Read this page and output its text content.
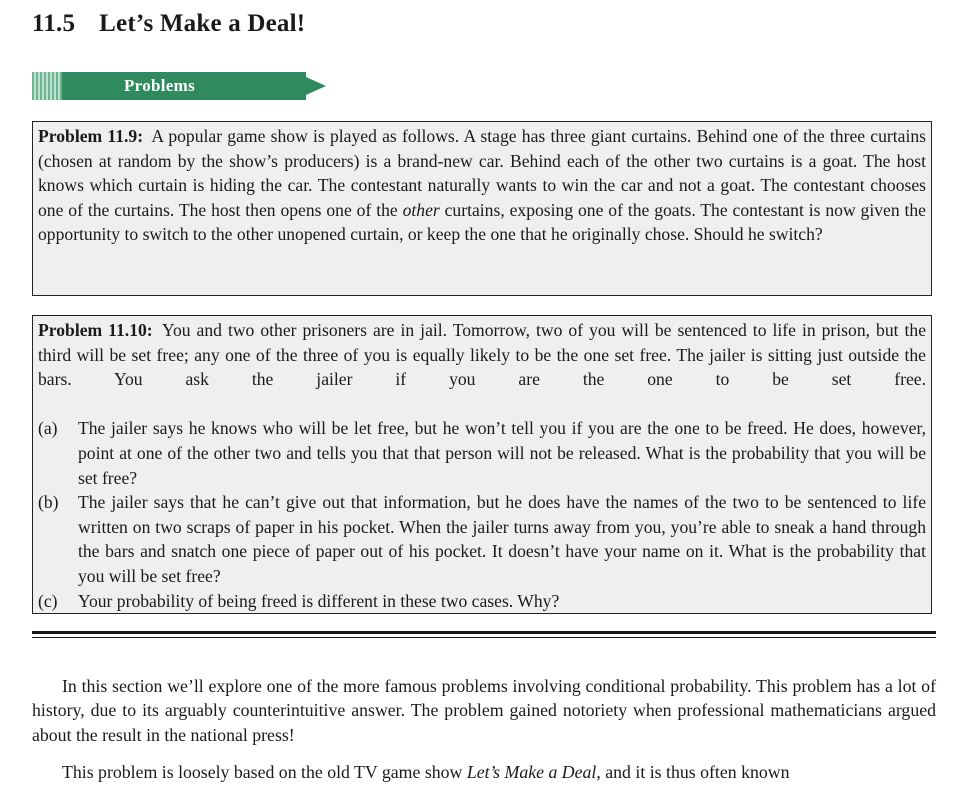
11.5 Let’s Make a Deal!
Problems

Problem 11.9: A popular game show is played as follows. A stage has three giant curtains. Behind one of the three curtains (chosen at random by the show’s producers) is a brand-new car. Behind each of the other two curtains is a goat. The host knows which curtain is hiding the car. The contestant naturally wants to win the car and not a goat. The contestant chooses one of the curtains. The host then opens one of the other curtains, exposing one of the goats. The contestant is now given the opportunity to switch to the other unopened curtain, or keep the one that he originally chose. Should he switch?

Problem 11.10: You and two other prisoners are in jail. Tomorrow, two of you will be sentenced to life in prison, but the third will be set free; any one of the three of you is equally likely to be the one set free. The jailer is sitting just outside the bars. You ask the jailer if you are the one to be set free.

(a)	The jailer says he knows who will be let free, but he won’t tell you if you are the one to be freed. He does, however, point at one of the other two and tells you that that person will not be released. What is the probability that you will be set free?
(b)	The jailer says that he can’t give out that information, but he does have the names of the two to be sentenced to life written on two scraps of paper in his pocket. When the jailer turns away from you, you’re able to sneak a hand through the bars and snatch one piece of paper out of his pocket. It doesn’t have your name on it. What is the probability that you will be set free?
(c)	Your probability of being freed is different in these two cases. Why?

In this section we’ll explore one of the more famous problems involving conditional probability. This problem has a lot of history, due to its arguably counterintuitive answer. The problem gained notoriety when professional mathematicians argued about the result in the national press!

This problem is loosely based on the old TV game show Let’s Make a Deal, and it is thus often known
